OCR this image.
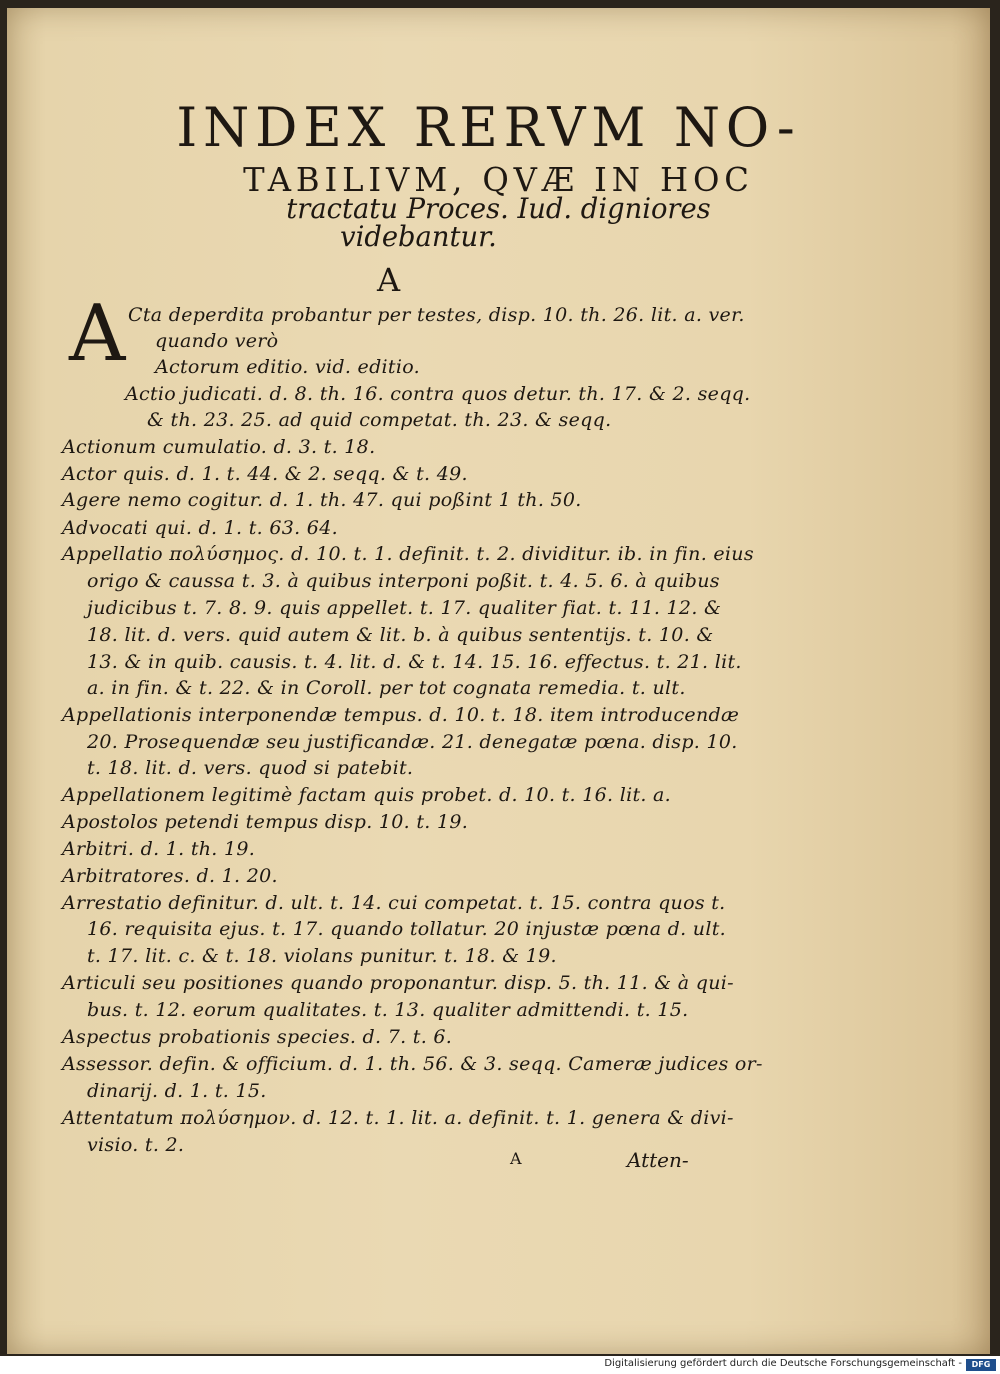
INDEX RERVM NO-
TABILIVM, QVÆ IN HOC
tractatu Proces. Iud. digniores
videbantur.
A
A Cta deperdita probantur per testes, disp. 10. th. 26. lit. a. ver.
quando verò
Actorum editio. vid. editio.
Actio judicati. d. 8. th. 16. contra quos detur. th. 17. & 2. seqq.
& th. 23. 25. ad quid competat. th. 23. & seqq.
Actionum cumulatio. d. 3. t. 18.
Actor quis. d. 1. t. 44. & 2. seqq. & t. 49.
Agere nemo cogitur. d. 1. th. 47. qui poßint 1 th. 50.
Advocati qui. d. 1. t. 63. 64.
Appellatio πολύσημος. d. 10. t. 1. definit. t. 2. dividitur. ib. in fin. eius
origo & caussa t. 3. à quibus interponi poßit. t. 4. 5. 6. à quibus
judicibus t. 7. 8. 9. quis appellet. t. 17. qualiter fiat. t. 11. 12. &
18. lit. d. vers. quid autem & lit. b. à quibus sententijs. t. 10. &
13. & in quib. causis. t. 4. lit. d. & t. 14. 15. 16. effectus. t. 21. lit.
a. in fin. & t. 22. & in Coroll. per tot cognata remedia. t. ult.
Appellationis interponendæ tempus. d. 10. t. 18. item introducendæ
20. Prosequendæ seu justificandæ. 21. denegatæ pœna. disp. 10.
t. 18. lit. d. vers. quod si patebit.
Appellationem legitimè factam quis probet. d. 10. t. 16. lit. a.
Apostolos petendi tempus disp. 10. t. 19.
Arbitri. d. 1. th. 19.
Arbitratores. d. 1. 20.
Arrestatio definitur. d. ult. t. 14. cui competat. t. 15. contra quos t.
16. requisita ejus. t. 17. quando tollatur. 20 injustæ pœna d. ult.
t. 17. lit. c. & t. 18. violans punitur. t. 18. & 19.
Articuli seu positiones quando proponantur. disp. 5. th. 11. & à qui-
bus. t. 12. eorum qualitates. t. 13. qualiter admittendi. t. 15.
Aspectus probationis species. d. 7. t. 6.
Assessor. defin. & officium. d. 1. th. 56. & 3. seqq. Cameræ judices or-
dinarij. d. 1. t. 15.
Attentatum πολύσημον. d. 12. t. 1. lit. a. definit. t. 1. genera & divi-
visio. t. 2.
A	Atten-
Digitalisierung gefördert durch die Deutsche Forschungsgemeinschaft -	DFG
